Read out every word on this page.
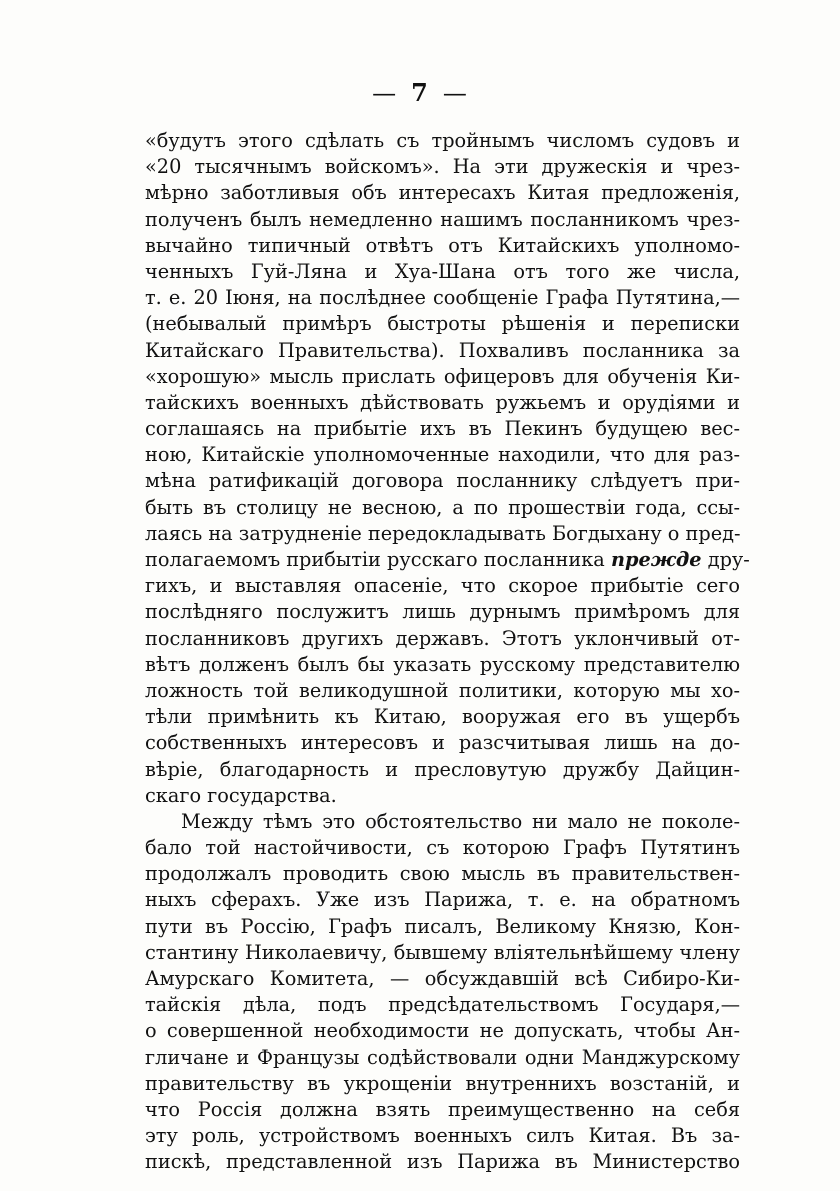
— 7 —
«будутъ этого сдѣлать съ тройнымъ числомъ судовъ и
«20 тысячнымъ войскомъ». На эти дружескія и чрез-
мѣрно заботливыя объ интересахъ Китая предложенія,
полученъ былъ немедленно нашимъ посланникомъ чрез-
вычайно типичный отвѣтъ отъ Китайскихъ уполномо-
ченныхъ Гуй-Ляна и Хуа-Шана отъ того же числа,
т. е. 20 Іюня, на послѣднее сообщеніе Графа Путятина,—
(небывалый примѣръ быстроты рѣшенія и переписки
Китайскаго Правительства). Похваливъ посланника за
«хорошую» мысль прислать офицеровъ для обученія Ки-
тайскихъ военныхъ дѣйствовать ружьемъ и орудіями и
соглашаясь на прибытіе ихъ въ Пекинъ будущею вес-
ною, Китайскіе уполномоченные находили, что для раз-
мѣна ратификацій договора посланнику слѣдуетъ при-
быть въ столицу не весною, а по прошествіи года, ссы-
лаясь на затрудненіе передокладывать Богдыхану о пред-
полагаемомъ прибытіи русскаго посланника прежде дру-
гихъ, и выставляя опасеніе, что скорое прибытіе сего
послѣдняго послужитъ лишь дурнымъ примѣромъ для
посланниковъ другихъ державъ. Этотъ уклончивый от-
вѣтъ долженъ былъ бы указать русскому представителю
ложность той великодушной политики, которую мы хо-
тѣли примѣнить къ Китаю, вооружая его въ ущербъ
собственныхъ интересовъ и разсчитывая лишь на до-
вѣріе, благодарность и пресловутую дружбу Дайцин-
скаго государства.
Между тѣмъ это обстоятельство ни мало не поколе-
бало той настойчивости, съ которою Графъ Путятинъ
продолжалъ проводить свою мысль въ правительствен-
ныхъ сферахъ. Уже изъ Парижа, т. е. на обратномъ
пути въ Россію, Графъ писалъ, Великому Князю, Кон-
стантину Николаевичу, бывшему вліятельнѣйшему члену
Амурскаго Комитета, — обсуждавшій всѣ Сибиро-Ки-
тайскія дѣла, подъ предсѣдательствомъ Государя,—
о совершенной необходимости не допускать, чтобы Ан-
гличане и Французы содѣйствовали одни Манджурскому
правительству въ укрощеніи внутреннихъ возстаній, и
что Россія должна взять преимущественно на себя
эту роль, устройствомъ военныхъ силъ Китая. Въ за-
пискѣ, представленной изъ Парижа въ Министерство
